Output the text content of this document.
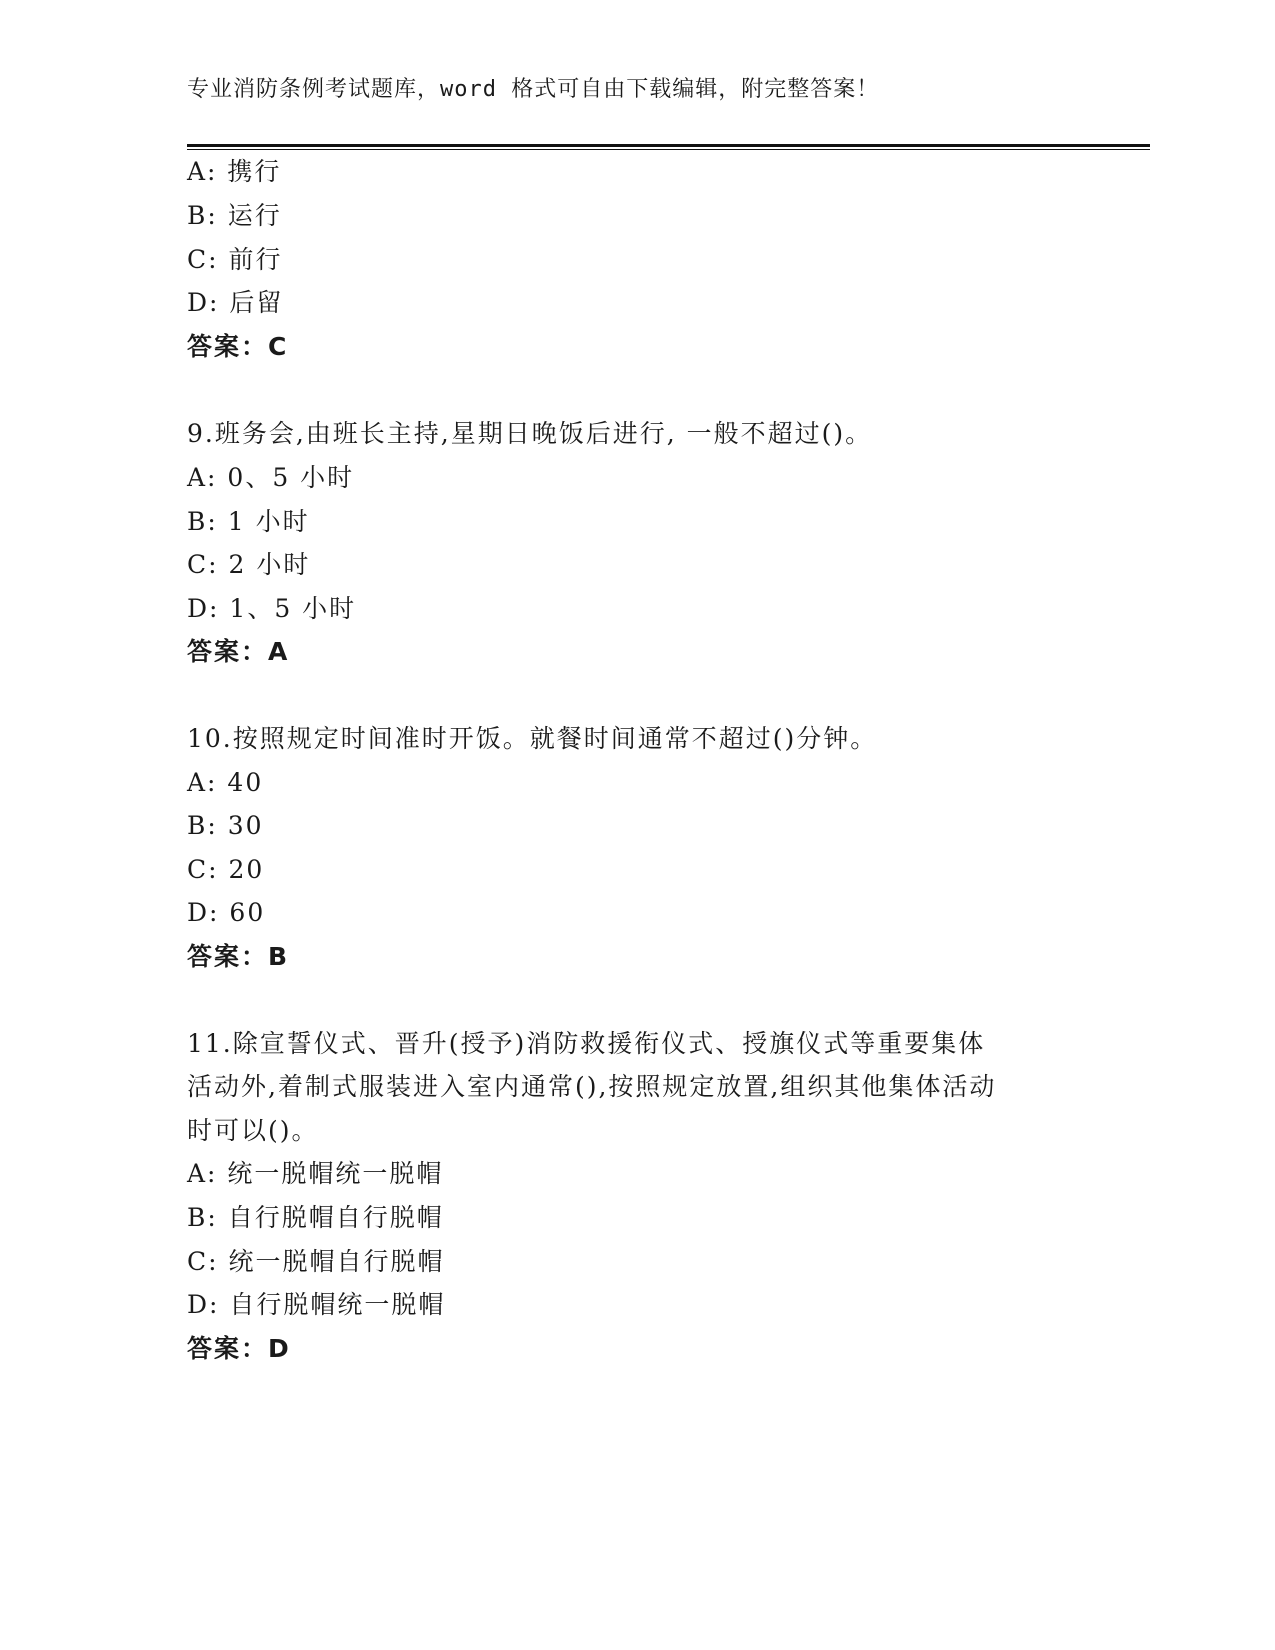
专业消防条例考试题库，word 格式可自由下载编辑，附完整答案！
A: 携行
B: 运行
C: 前行
D: 后留
答案：C
9.班务会,由班长主持,星期日晚饭后进行, 一般不超过()。
A: 0、5 小时
B: 1 小时
C: 2 小时
D: 1、5 小时
答案：A
10.按照规定时间准时开饭。就餐时间通常不超过()分钟。
A: 40
B: 30
C: 20
D: 60
答案：B
11.除宣誓仪式、晋升(授予)消防救援衔仪式、授旗仪式等重要集体
活动外,着制式服装进入室内通常(),按照规定放置,组织其他集体活动
时可以()。
A: 统一脱帽统一脱帽
B: 自行脱帽自行脱帽
C: 统一脱帽自行脱帽
D: 自行脱帽统一脱帽
答案：D
